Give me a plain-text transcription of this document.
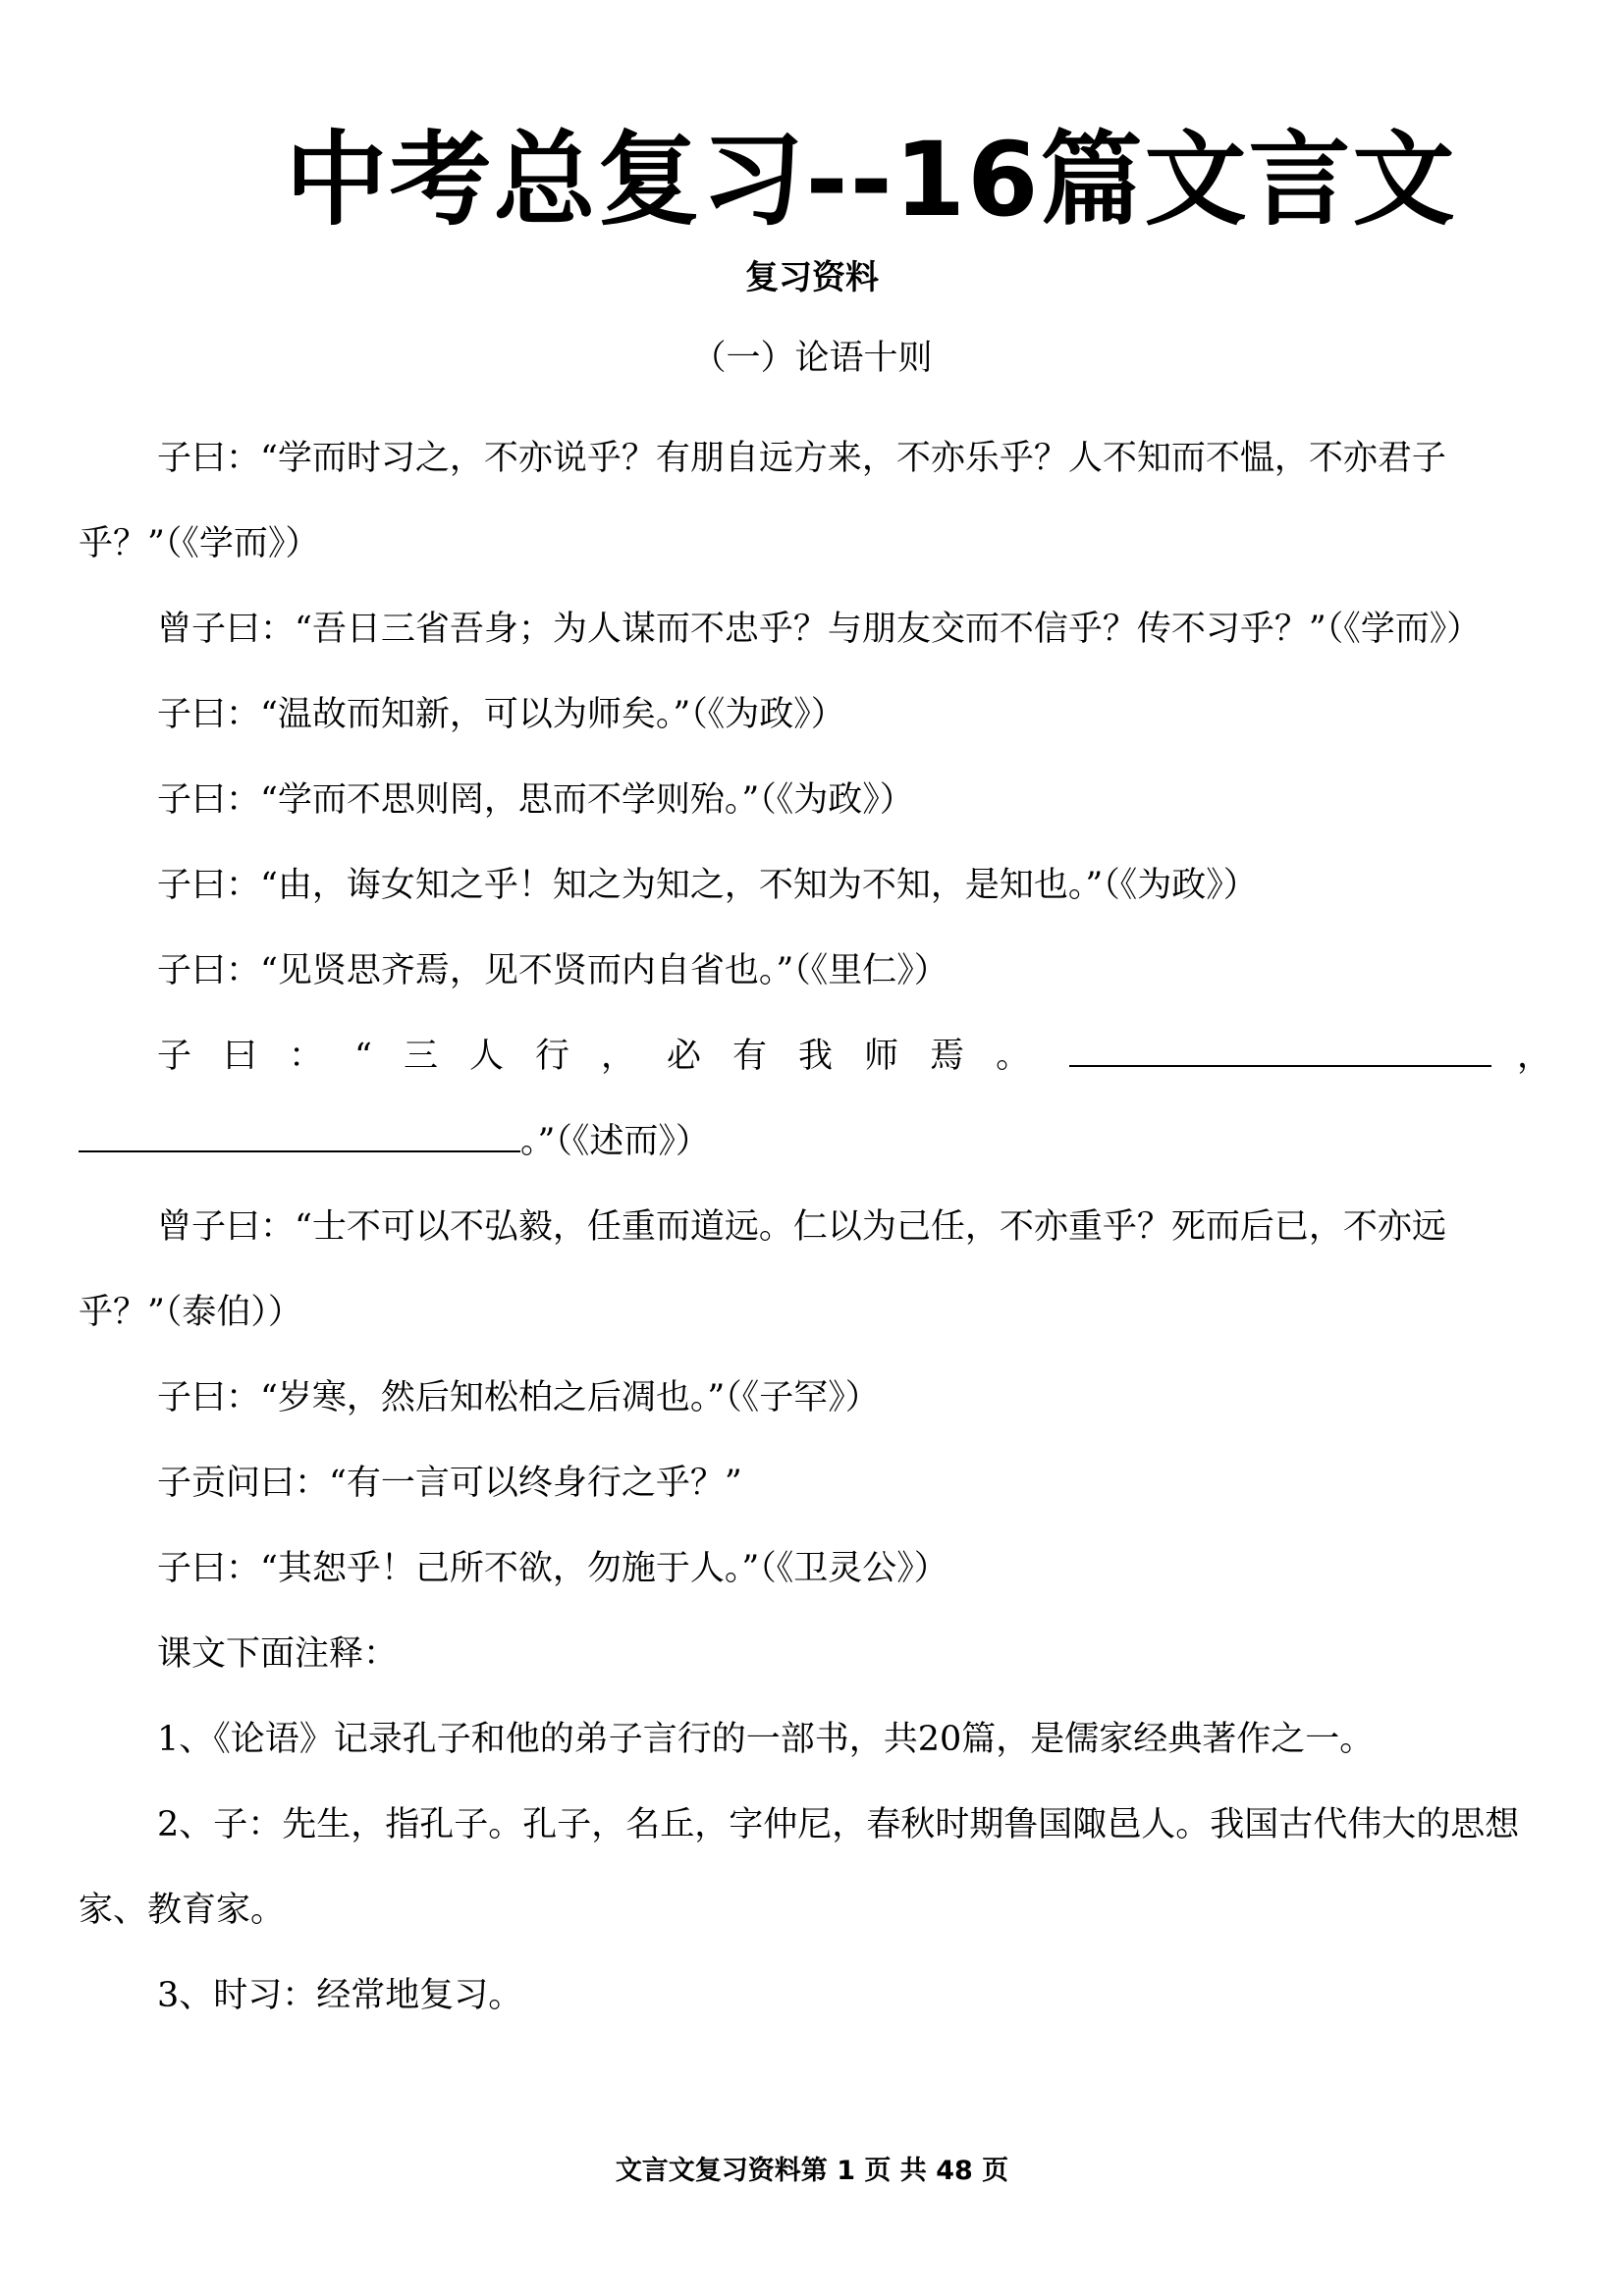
中考总复习--16篇文言文
复习资料
（一）论语十则

子曰：“学而时习之，不亦说乎？有朋自远方来，不亦乐乎？人不知而不愠，不亦君子乎？”（《学而》）

曾子曰：“吾日三省吾身；为人谋而不忠乎？与朋友交而不信乎？传不习乎？”（《学而》）

子曰：“温故而知新，可以为师矣。”（《为政》）

子曰：“学而不思则罔，思而不学则殆。”（《为政》）

子曰：“由，诲女知之乎！知之为知之，不知为不知，是知也。”（《为政》）

子曰：“见贤思齐焉，见不贤而内自省也。”（《里仁》）

子 曰 ： “ 三 人 行 ， 必 有 我 师 焉 。	，
。”（《述而》）

曾子曰：“士不可以不弘毅，任重而道远。仁以为己任，不亦重乎？死而后已，不亦远乎？”（泰伯））

子曰：“岁寒，然后知松柏之后凋也。”（《子罕》）

子贡问曰：“有一言可以终身行之乎？”

子曰：“其恕乎！己所不欲，勿施于人。”（《卫灵公》）

课文下面注释：

1、《论语》记录孔子和他的弟子言行的一部书，共20篇，是儒家经典著作之一。

2、子：先生，指孔子。孔子，名丘，字仲尼，春秋时期鲁国陬邑人。我国古代伟大的思想家、教育家。

3、时习：经常地复习。

文言文复习资料第 1 页 共 48 页
